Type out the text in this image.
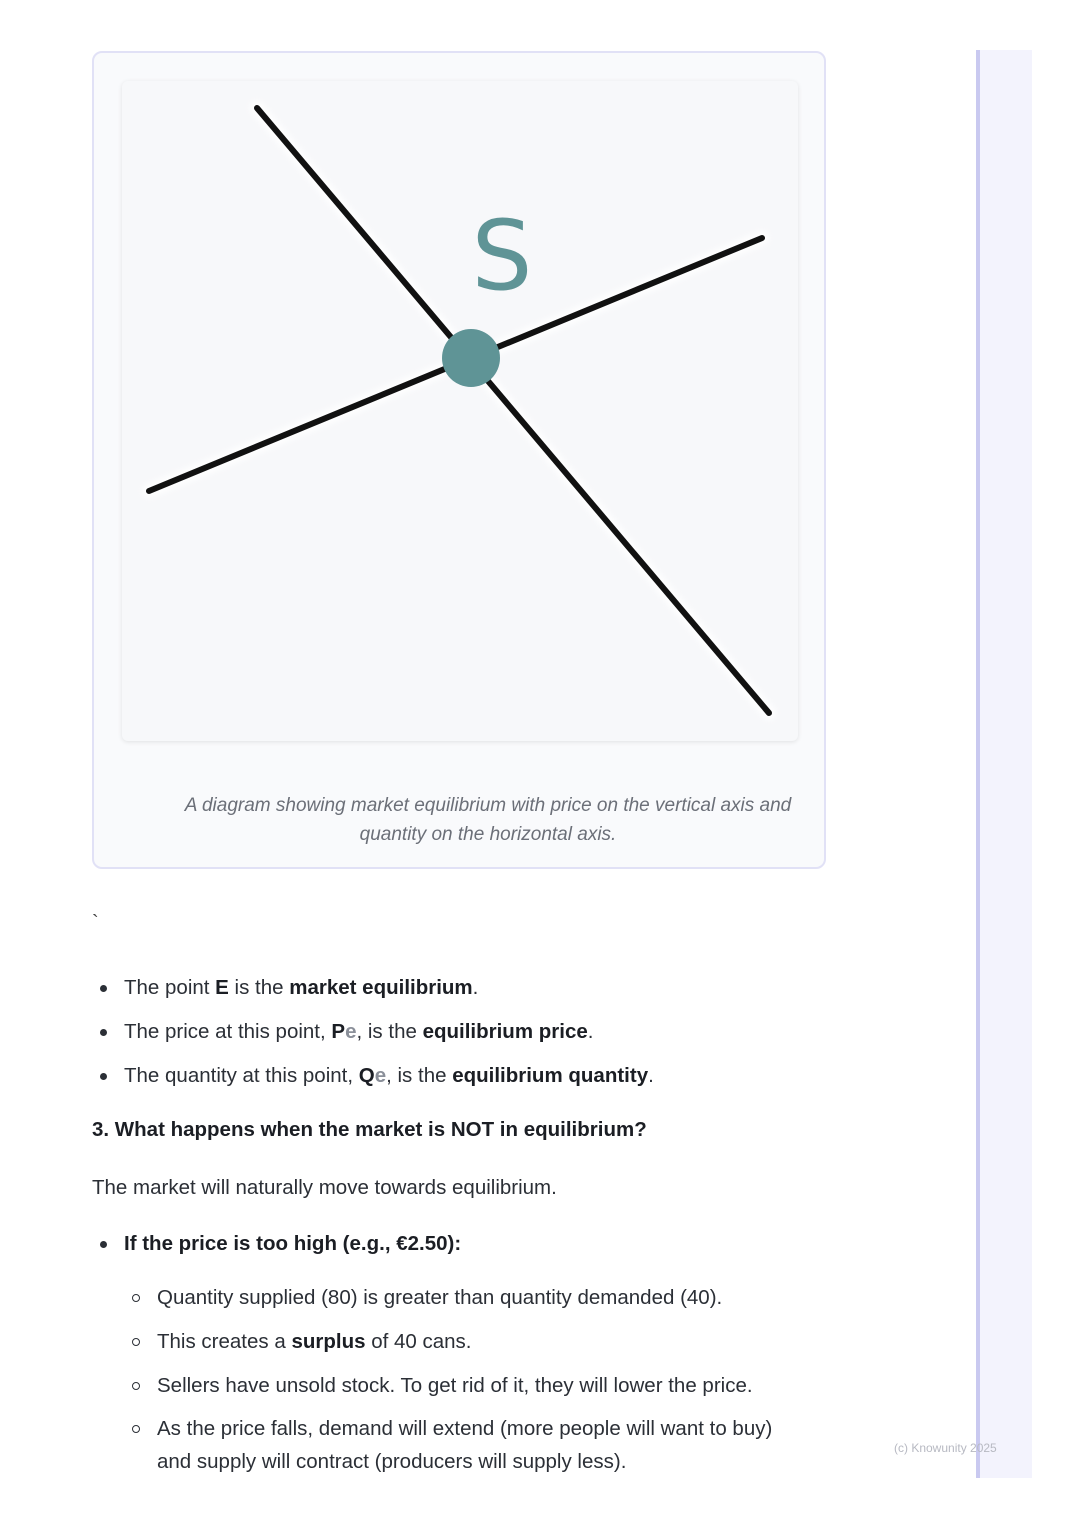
S
A diagram showing market equilibrium with price on the vertical axis and quantity on the horizontal axis.
`
The point E is the market equilibrium.
The price at this point, Pe, is the equilibrium price.
The quantity at this point, Qe, is the equilibrium quantity.
3. What happens when the market is NOT in equilibrium?
The market will naturally move towards equilibrium.
If the price is too high (e.g., €2.50):
Quantity supplied (80) is greater than quantity demanded (40).
This creates a surplus of 40 cans.
Sellers have unsold stock. To get rid of it, they will lower the price.
As the price falls, demand will extend (more people will want to buy)
and supply will contract (producers will supply less).
(c) Knowunity 2025
